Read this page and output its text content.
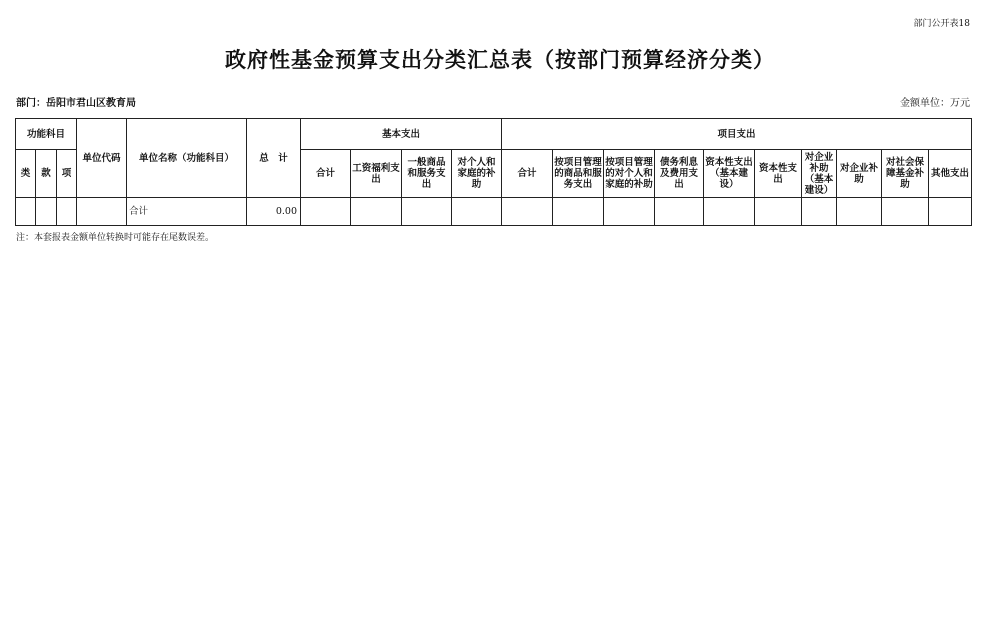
部门公开表18
政府性基金预算支出分类汇总表（按部门预算经济分类）
部门：岳阳市君山区教育局	金额单位：万元
功能科目			单位代码	单位名称（功能科目）	总　计	基本支出				项目支出									
类	款	项				合计	工资福利支出	一般商品和服务支出	对个人和家庭的补助	合计	按项目管理的商品和服务支出	按项目管理的对个人和家庭的补助	债务利息及费用支出	资本性支出（基本建设）	资本性支出	对企业补助（基本建设）	对企业补助	对社会保障基金补助	其他支出
				合计	0.00														
注：本套报表金额单位转换时可能存在尾数误差。
